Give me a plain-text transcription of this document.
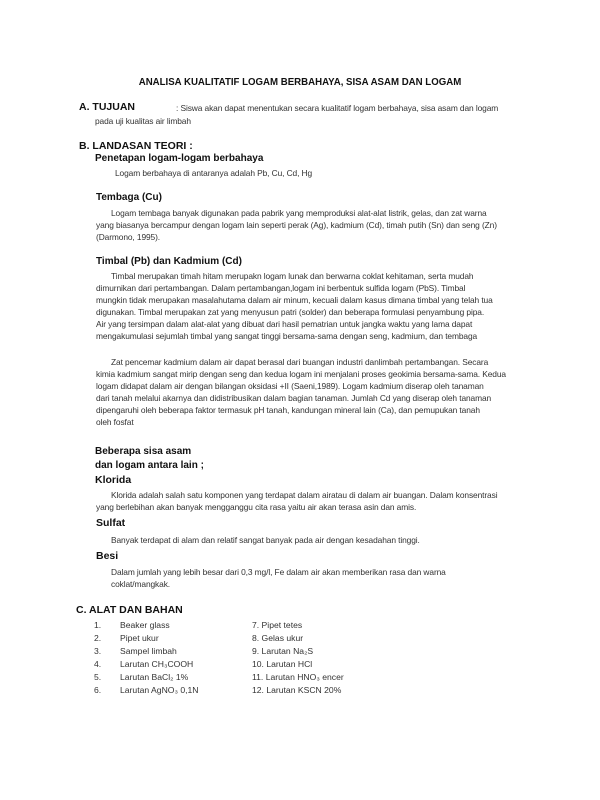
ANALISA KUALITATIF LOGAM BERBAHAYA, SISA ASAM DAN LOGAM
A. TUJUAN	: Siswa akan dapat menentukan secara kualitatif logam berbahaya, sisa asam dan logam
pada uji kualitas air limbah
B. LANDASAN TEORI :
Penetapan logam-logam berbahaya
Logam berbahaya di antaranya adalah Pb, Cu, Cd, Hg
Tembaga (Cu)
Logam tembaga banyak digunakan pada pabrik yang memproduksi alat-alat listrik, gelas, dan zat warna
yang biasanya bercampur dengan logam lain seperti perak (Ag), kadmium (Cd), timah putih (Sn) dan seng (Zn)
(Darmono, 1995).
Timbal (Pb) dan Kadmium (Cd)
Timbal merupakan timah hitam merupakn logam lunak dan berwarna coklat kehitaman, serta mudah
dimurnikan dari pertambangan. Dalam pertambangan,logam ini berbentuk sulfida logam (PbS). Timbal
mungkin tidak merupakan masalahutama dalam air minum, kecuali dalam kasus dimana timbal yang telah tua
digunakan. Timbal merupakan zat yang menyusun patri (solder) dan beberapa formulasi penyambung pipa.
Air yang tersimpan dalam alat-alat yang dibuat dari hasil pematrian untuk jangka waktu yang lama dapat
mengakumulasi sejumlah timbal yang sangat tinggi bersama-sama dengan seng, kadmium, dan tembaga
Zat pencemar kadmium dalam air dapat berasal dari buangan industri danlimbah pertambangan. Secara
kimia kadmium sangat mirip dengan seng dan kedua logam ini menjalani proses geokimia bersama-sama. Kedua
logam didapat dalam air dengan bilangan oksidasi +II (Saeni,1989). Logam kadmium diserap oleh tanaman
dari tanah melalui akarnya dan didistribusikan dalam bagian tanaman. Jumlah Cd yang diserap oleh tanaman
dipengaruhi oleh beberapa faktor termasuk pH tanah, kandungan mineral lain (Ca), dan pemupukan tanah
oleh fosfat
Beberapa sisa asam
dan logam antara lain ;
Klorida
Klorida adalah salah satu komponen yang terdapat dalam airatau di dalam air buangan. Dalam konsentrasi
yang berlebihan akan banyak mengganggu cita rasa yaitu air akan terasa asin dan amis.
Sulfat
Banyak terdapat di alam dan relatif sangat banyak pada air dengan kesadahan tinggi.
Besi
Dalam jumlah yang lebih besar dari 0,3 mg/l, Fe dalam air akan memberikan rasa dan warna
coklat/mangkak.
C. ALAT DAN BAHAN
1. Beaker glass
2. Pipet ukur
3. Sampel limbah
4. Larutan CH₃COOH
5. Larutan BaCl₂ 1%
6. Larutan AgNO₃ 0,1N
7. Pipet tetes
8. Gelas ukur
9. Larutan Na₂S
10. Larutan HCl
11. Larutan HNO₃ encer
12. Larutan KSCN 20%
